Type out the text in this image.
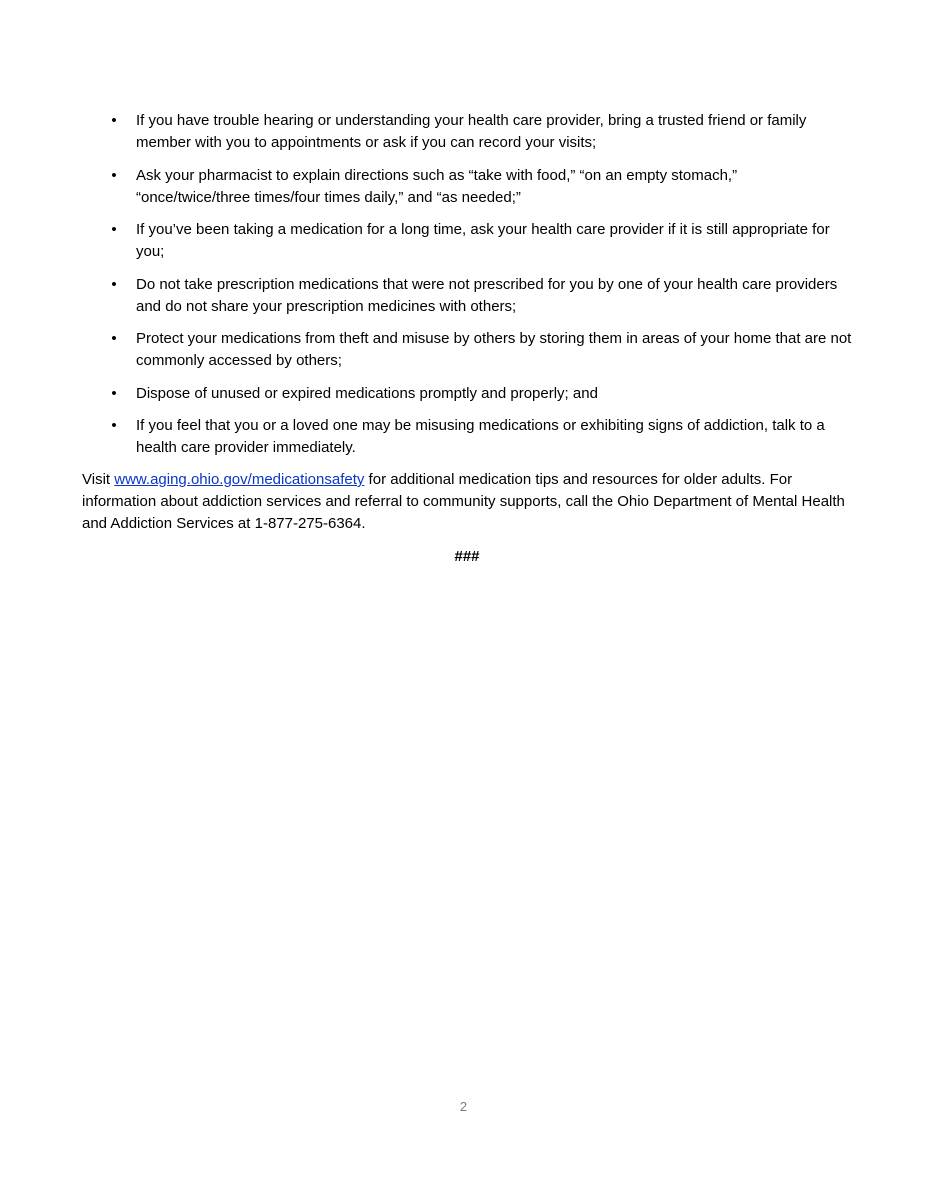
• If you have trouble hearing or understanding your health care provider, bring a trusted friend or family member with you to appointments or ask if you can record your visits;
• Ask your pharmacist to explain directions such as “take with food,” “on an empty stomach,” “once/twice/three times/four times daily,” and “as needed;”
• If you’ve been taking a medication for a long time, ask your health care provider if it is still appropriate for you;
• Do not take prescription medications that were not prescribed for you by one of your health care providers and do not share your prescription medicines with others;
• Protect your medications from theft and misuse by others by storing them in areas of your home that are not commonly accessed by others;
• Dispose of unused or expired medications promptly and properly; and
• If you feel that you or a loved one may be misusing medications or exhibiting signs of addiction, talk to a health care provider immediately.

Visit www.aging.ohio.gov/medicationsafety for additional medication tips and resources for older adults. For information about addiction services and referral to community supports, call the Ohio Department of Mental Health and Addiction Services at 1-877-275-6364.

###
2
